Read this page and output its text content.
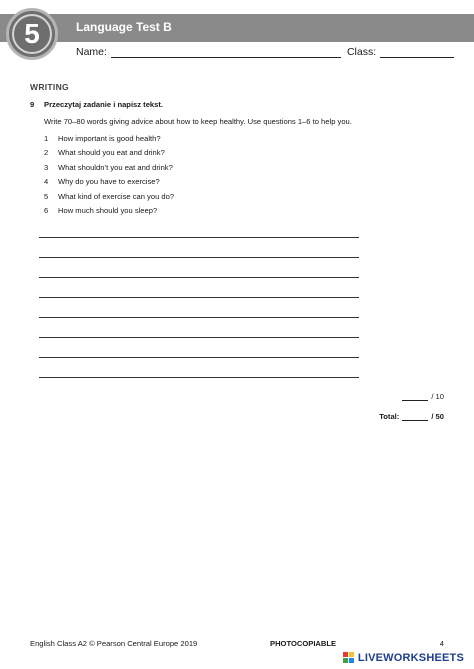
5	Language Test B
Name:	Class:
WRITING
9	Przeczytaj zadanie i napisz tekst.
Write 70–80 words giving advice about how to keep healthy. Use questions 1–6 to help you.
1	How important is good health?
2	What should you eat and drink?
3	What shouldn’t you eat and drink?
4	Why do you have to exercise?
5	What kind of exercise can you do?
6	How much should you sleep?
/ 10
Total:	/ 50
English Class A2 © Pearson Central Europe 2019	PHOTOCOPIABLE	4
LIVEWORKSHEETS
